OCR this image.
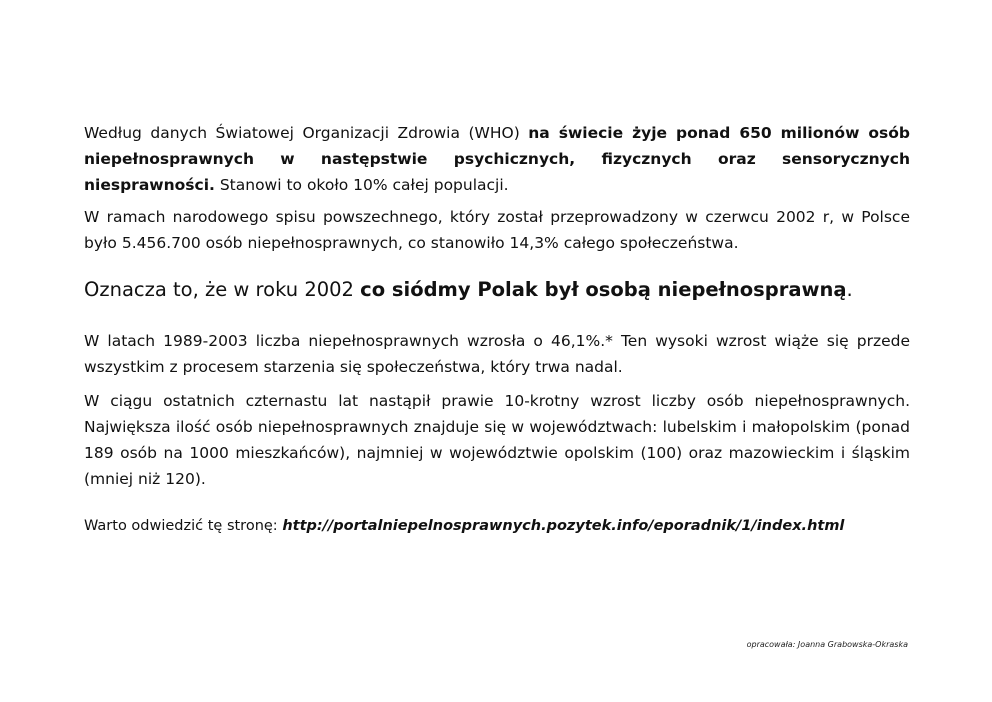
Według danych Światowej Organizacji Zdrowia (WHO) na świecie żyje ponad 650 milionów osób niepełnosprawnych w następstwie psychicznych, fizycznych oraz sensorycznych niesprawności. Stanowi to około 10% całej populacji.

W ramach narodowego spisu powszechnego, który został przeprowadzony w czerwcu 2002 r, w Polsce było 5.456.700 osób niepełnosprawnych, co stanowiło 14,3% całego społeczeństwa.

Oznacza to, że w roku 2002 co siódmy Polak był osobą niepełnosprawną.

W latach 1989-2003 liczba niepełnosprawnych wzrosła o 46,1%.* Ten wysoki wzrost wiąże się przede wszystkim z procesem starzenia się społeczeństwa, który trwa nadal.

W ciągu ostatnich czternastu lat nastąpił prawie 10-krotny wzrost liczby osób niepełnosprawnych. Największa ilość osób niepełnosprawnych znajduje się w województwach: lubelskim i małopolskim (ponad 189 osób na 1000 mieszkańców), najmniej w województwie opolskim (100) oraz mazowieckim i śląskim (mniej niż 120).

Warto odwiedzić tę stronę: http://portalniepelnosprawnych.pozytek.info/eporadnik/1/index.html

opracowała: Joanna Grabowska-Okraska
